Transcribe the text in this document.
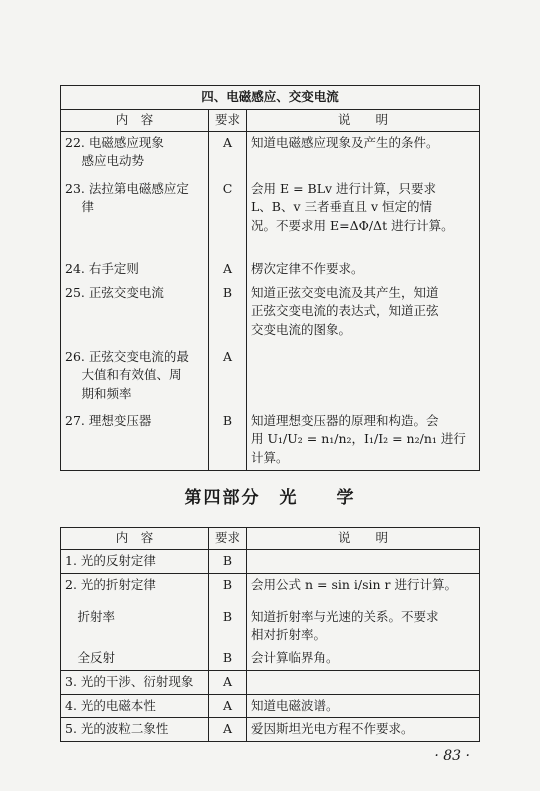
四、电磁感应、交变电流		
内　容	要求	说　　明
22. 电磁感应现象
　 感应电动势	A	知道电磁感应现象及产生的条件。
23. 法拉第电磁感应定
　 律	C	会用 E = BLv 进行计算，只要求
L、B、v 三者垂直且 v 恒定的情
况。不要求用 E=ΔΦ/Δt 进行计算。
24. 右手定则	A	楞次定律不作要求。
25. 正弦交变电流	B	知道正弦交变电流及其产生，知道
正弦交变电流的表达式，知道正弦
交变电流的图象。
26. 正弦交变电流的最
　 大值和有效值、周
　 期和频率	A	
27. 理想变压器	B	知道理想变压器的原理和构造。会
用 U₁/U₂ = n₁/n₂，I₁/I₂ = n₂/n₁ 进行计算。
第四部分　光　　学
内　容	要求	说　　明
1. 光的反射定律	B	
2. 光的折射定律	B	会用公式 n = sin i/sin r 进行计算。
　折射率	B	知道折射率与光速的关系。不要求
相对折射率。
　全反射	B	会计算临界角。
3. 光的干涉、衍射现象	A	
4. 光的电磁本性	A	知道电磁波谱。
5. 光的波粒二象性	A	爱因斯坦光电方程不作要求。
· 83 ·
